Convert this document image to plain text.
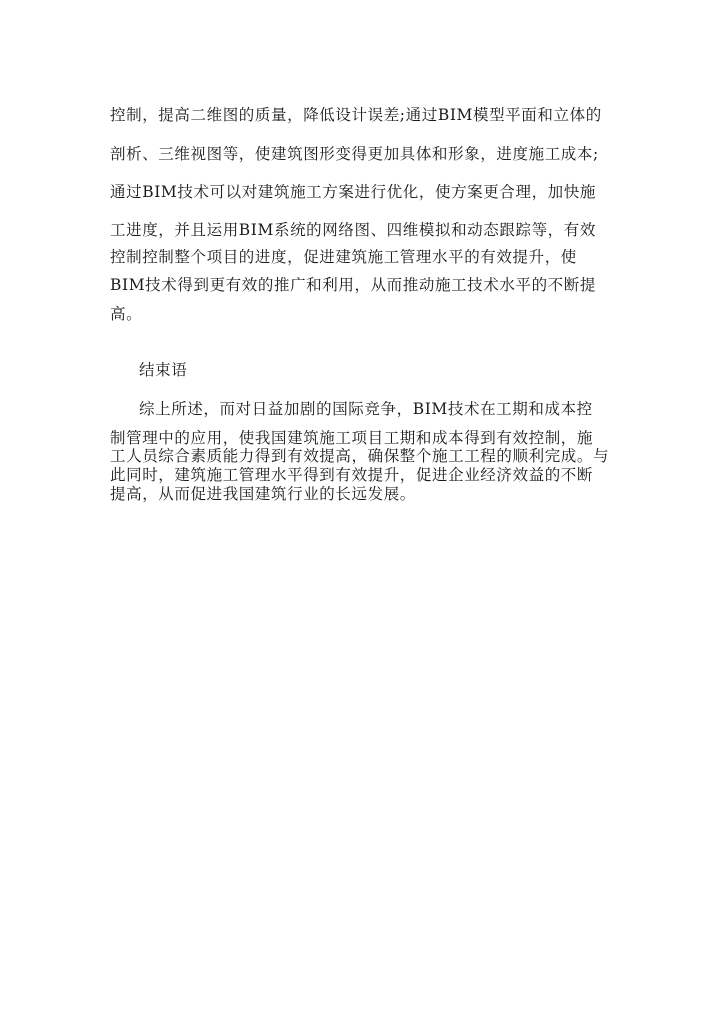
控制，提高二维图的质量，降低设计误差;通过BIM模型平面和立体的
剖析、三维视图等，使建筑图形变得更加具体和形象，进度施工成本;
通过BIM技术可以对建筑施工方案进行优化，使方案更合理，加快施
工进度，并且运用BIM系统的网络图、四维模拟和动态跟踪等，有效
控制控制整个项目的进度，促进建筑施工管理水平的有效提升，使
BIM技术得到更有效的推广和利用，从而推动施工技术水平的不断提
高。
结束语
综上所述，而对日益加剧的国际竞争，BIM技术在工期和成本控
制管理中的应用，使我国建筑施工项目工期和成本得到有效控制，施
工人员综合素质能力得到有效提高，确保整个施工工程的顺利完成。与
此同时，建筑施工管理水平得到有效提升，促进企业经济效益的不断
提高，从而促进我国建筑行业的长远发展。
